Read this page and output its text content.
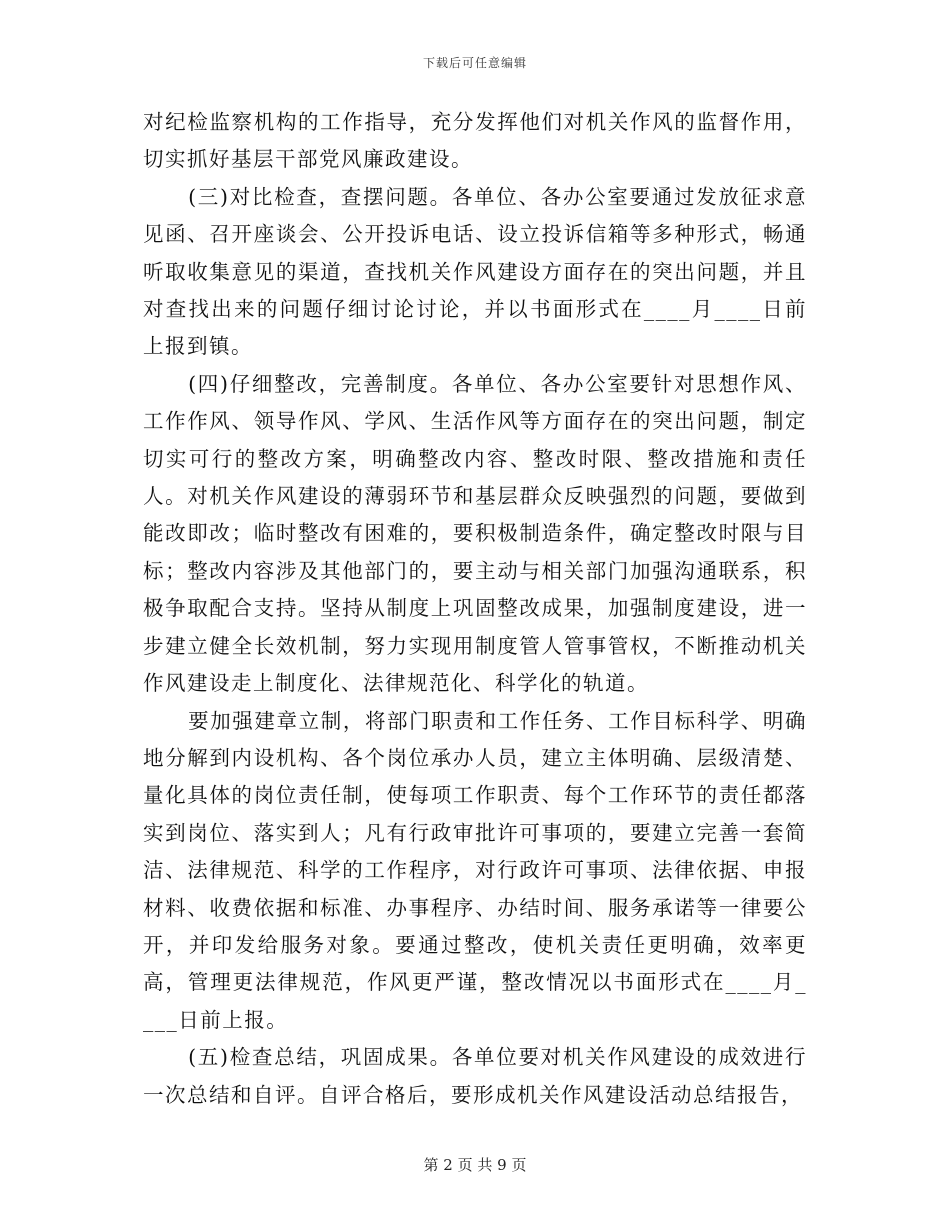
下载后可任意编辑

对纪检监察机构的工作指导，充分发挥他们对机关作风的监督作用，切实抓好基层干部党风廉政建设。

(三)对比检查，查摆问题。各单位、各办公室要通过发放征求意见函、召开座谈会、公开投诉电话、设立投诉信箱等多种形式，畅通听取收集意见的渠道，查找机关作风建设方面存在的突出问题，并且对查找出来的问题仔细讨论讨论，并以书面形式在____月____日前上报到镇。

(四)仔细整改，完善制度。各单位、各办公室要针对思想作风、工作作风、领导作风、学风、生活作风等方面存在的突出问题，制定切实可行的整改方案，明确整改内容、整改时限、整改措施和责任人。对机关作风建设的薄弱环节和基层群众反映强烈的问题，要做到能改即改；临时整改有困难的，要积极制造条件，确定整改时限与目标；整改内容涉及其他部门的，要主动与相关部门加强沟通联系，积极争取配合支持。坚持从制度上巩固整改成果，加强制度建设，进一步建立健全长效机制，努力实现用制度管人管事管权，不断推动机关作风建设走上制度化、法律规范化、科学化的轨道。

要加强建章立制，将部门职责和工作任务、工作目标科学、明确地分解到内设机构、各个岗位承办人员，建立主体明确、层级清楚、量化具体的岗位责任制，使每项工作职责、每个工作环节的责任都落实到岗位、落实到人；凡有行政审批许可事项的，要建立完善一套简洁、法律规范、科学的工作程序，对行政许可事项、法律依据、申报材料、收费依据和标准、办事程序、办结时间、服务承诺等一律要公开，并印发给服务对象。要通过整改，使机关责任更明确，效率更高，管理更法律规范，作风更严谨，整改情况以书面形式在____月____日前上报。

(五)检查总结，巩固成果。各单位要对机关作风建设的成效进行一次总结和自评。自评合格后，要形成机关作风建设活动总结报告，

第 2 页 共 9 页
